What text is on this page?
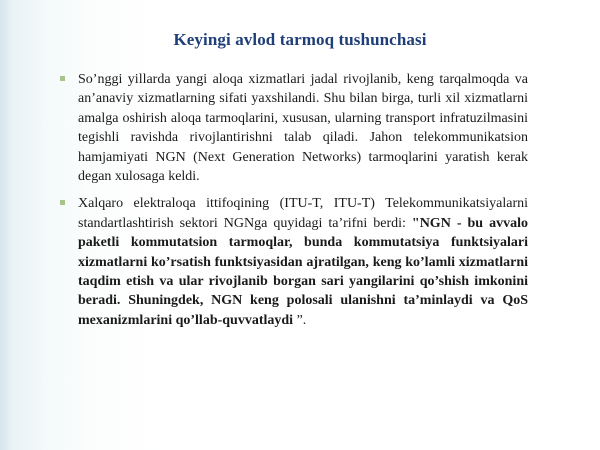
Keyingi avlod tarmoq tushunchasi
So’nggi yillarda yangi aloqa xizmatlari jadal rivojlanib, keng tarqalmoqda va an’anaviy xizmatlarning sifati yaxshilandi. Shu bilan birga, turli xil xizmatlarni amalga oshirish aloqa tarmoqlarini, xususan, ularning transport infratuzilmasini tegishli ravishda rivojlantirishni talab qiladi. Jahon telekommunikatsion hamjamiyati NGN (Next Generation Networks) tarmoqlarini yaratish kerak degan xulosaga keldi.
Xalqaro elektraloqa ittifoqining (ITU-T, ITU-T) Telekommunikatsiyalarni standartlashtirish sektori NGNga quyidagi ta’rifni berdi: "NGN - bu avvalo paketli kommutatsion tarmoqlar, bunda kommutatsiya funktsiyalari xizmatlarni ko’rsatish funktsiyasidan ajratilgan, keng ko’lamli xizmatlarni taqdim etish va ular rivojlanib borgan sari yangilarini qo’shish imkonini beradi. Shuningdek, NGN keng polosali ulanishni ta’minlaydi va QoS mexanizmlarini qo’llab-quvvatlaydi ”.
